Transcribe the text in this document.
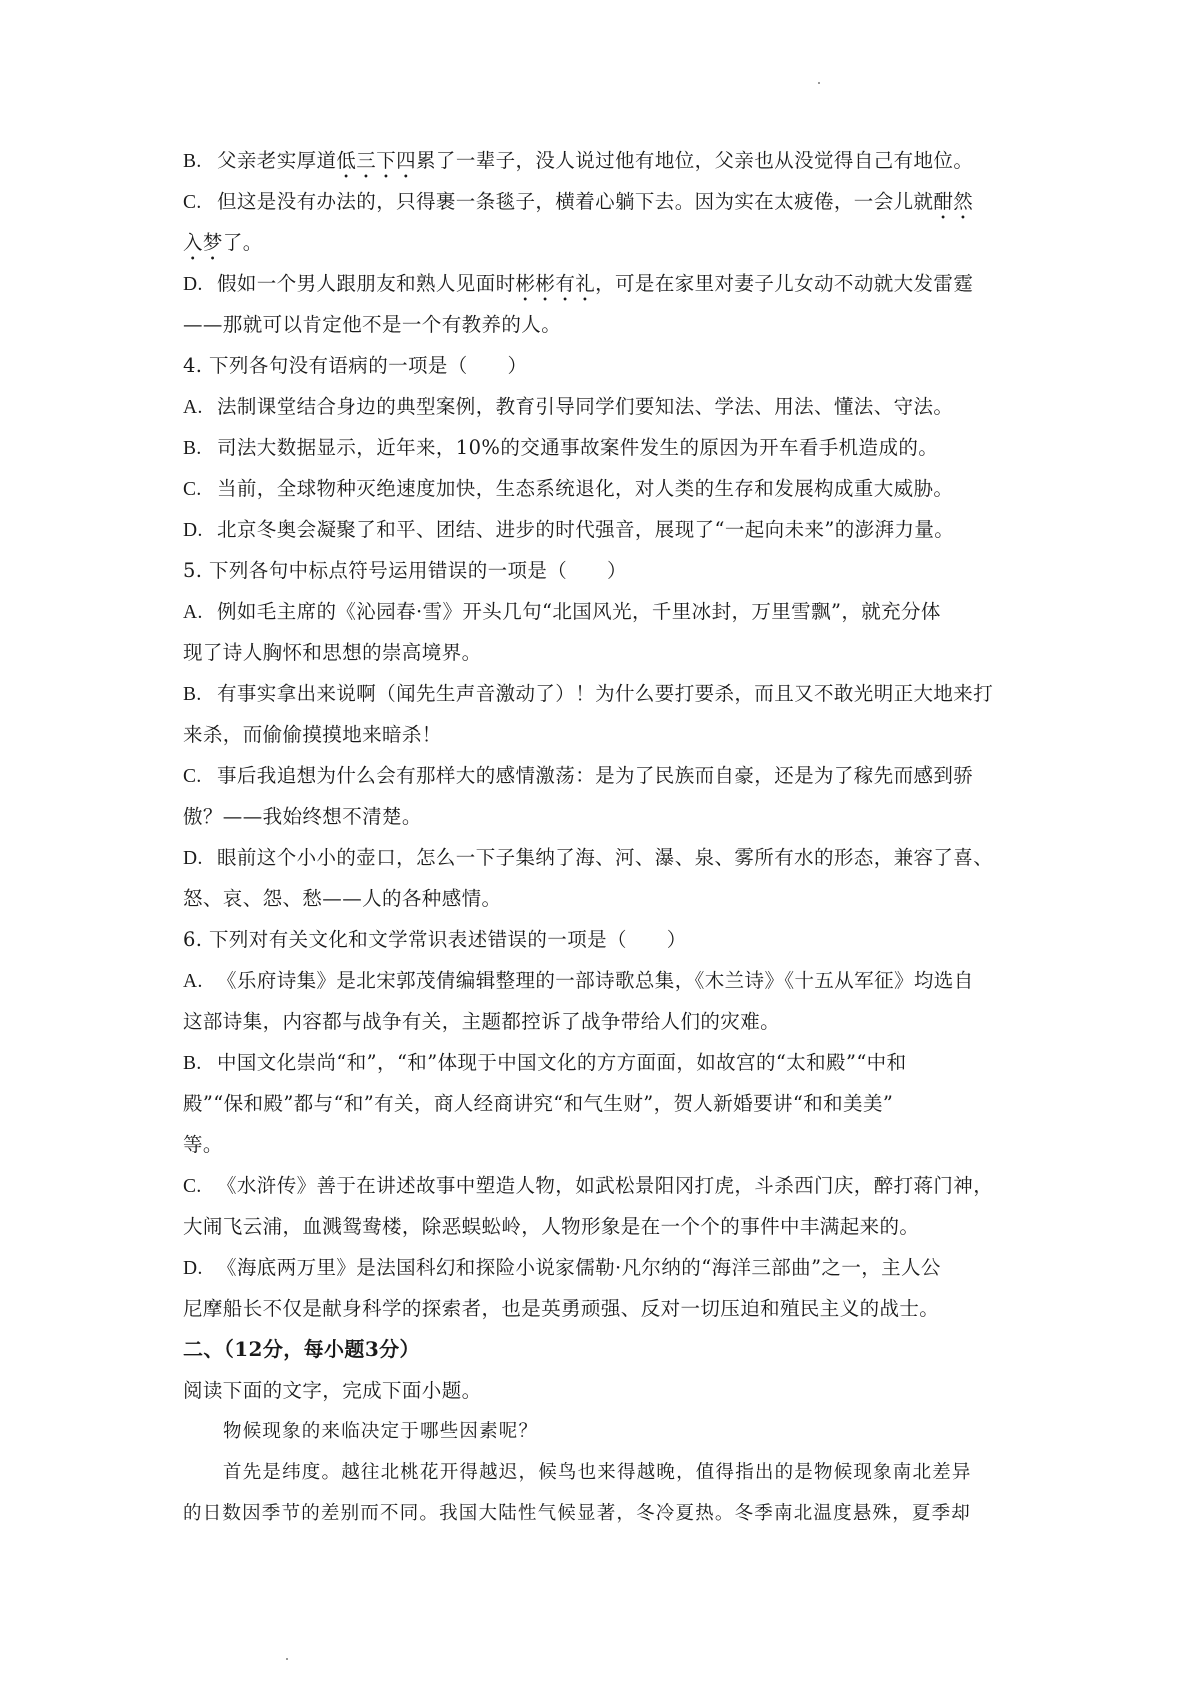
B. 父亲老实厚道低三下四累了一辈子，没人说过他有地位，父亲也从没觉得自己有地位。
C. 但这是没有办法的，只得裹一条毯子，横着心躺下去。因为实在太疲倦，一会儿就酣然
入梦了。
D. 假如一个男人跟朋友和熟人见面时彬彬有礼，可是在家里对妻子儿女动不动就大发雷霆
——那就可以肯定他不是一个有教养的人。
4. 下列各句没有语病的一项是（　　）
A. 法制课堂结合身边的典型案例，教育引导同学们要知法、学法、用法、懂法、守法。
B. 司法大数据显示，近年来，10%的交通事故案件发生的原因为开车看手机造成的。
C. 当前，全球物种灭绝速度加快，生态系统退化，对人类的生存和发展构成重大威胁。
D. 北京冬奥会凝聚了和平、团结、进步的时代强音，展现了“一起向未来”的澎湃力量。
5. 下列各句中标点符号运用错误的一项是（　　）
A. 例如毛主席的《沁园春·雪》开头几句“北国风光，千里冰封，万里雪飘”，就充分体
现了诗人胸怀和思想的崇高境界。
B. 有事实拿出来说啊（闻先生声音激动了）！为什么要打要杀，而且又不敢光明正大地来打
来杀，而偷偷摸摸地来暗杀！
C. 事后我追想为什么会有那样大的感情激荡：是为了民族而自豪，还是为了稼先而感到骄
傲？——我始终想不清楚。
D. 眼前这个小小的壶口，怎么一下子集纳了海、河、瀑、泉、雾所有水的形态，兼容了喜、
怒、哀、怨、愁——人的各种感情。
6. 下列对有关文化和文学常识表述错误的一项是（　　）
A. 《乐府诗集》是北宋郭茂倩编辑整理的一部诗歌总集，《木兰诗》《十五从军征》均选自
这部诗集，内容都与战争有关，主题都控诉了战争带给人们的灾难。
B. 中国文化崇尚“和”，“和”体现于中国文化的方方面面，如故宫的“太和殿”“中和
殿”“保和殿”都与“和”有关，商人经商讲究“和气生财”，贺人新婚要讲“和和美美”
等。
C. 《水浒传》善于在讲述故事中塑造人物，如武松景阳冈打虎，斗杀西门庆，醉打蒋门神，
大闹飞云浦，血溅鸳鸯楼，除恶蜈蚣岭，人物形象是在一个个的事件中丰满起来的。
D. 《海底两万里》是法国科幻和探险小说家儒勒·凡尔纳的“海洋三部曲”之一，主人公
尼摩船长不仅是献身科学的探索者，也是英勇顽强、反对一切压迫和殖民主义的战士。
二、（12分，每小题3分）
阅读下面的文字，完成下面小题。
物候现象的来临决定于哪些因素呢？
首先是纬度。越往北桃花开得越迟，候鸟也来得越晚，值得指出的是物候现象南北差异
的日数因季节的差别而不同。我国大陆性气候显著，冬冷夏热。冬季南北温度悬殊，夏季却
